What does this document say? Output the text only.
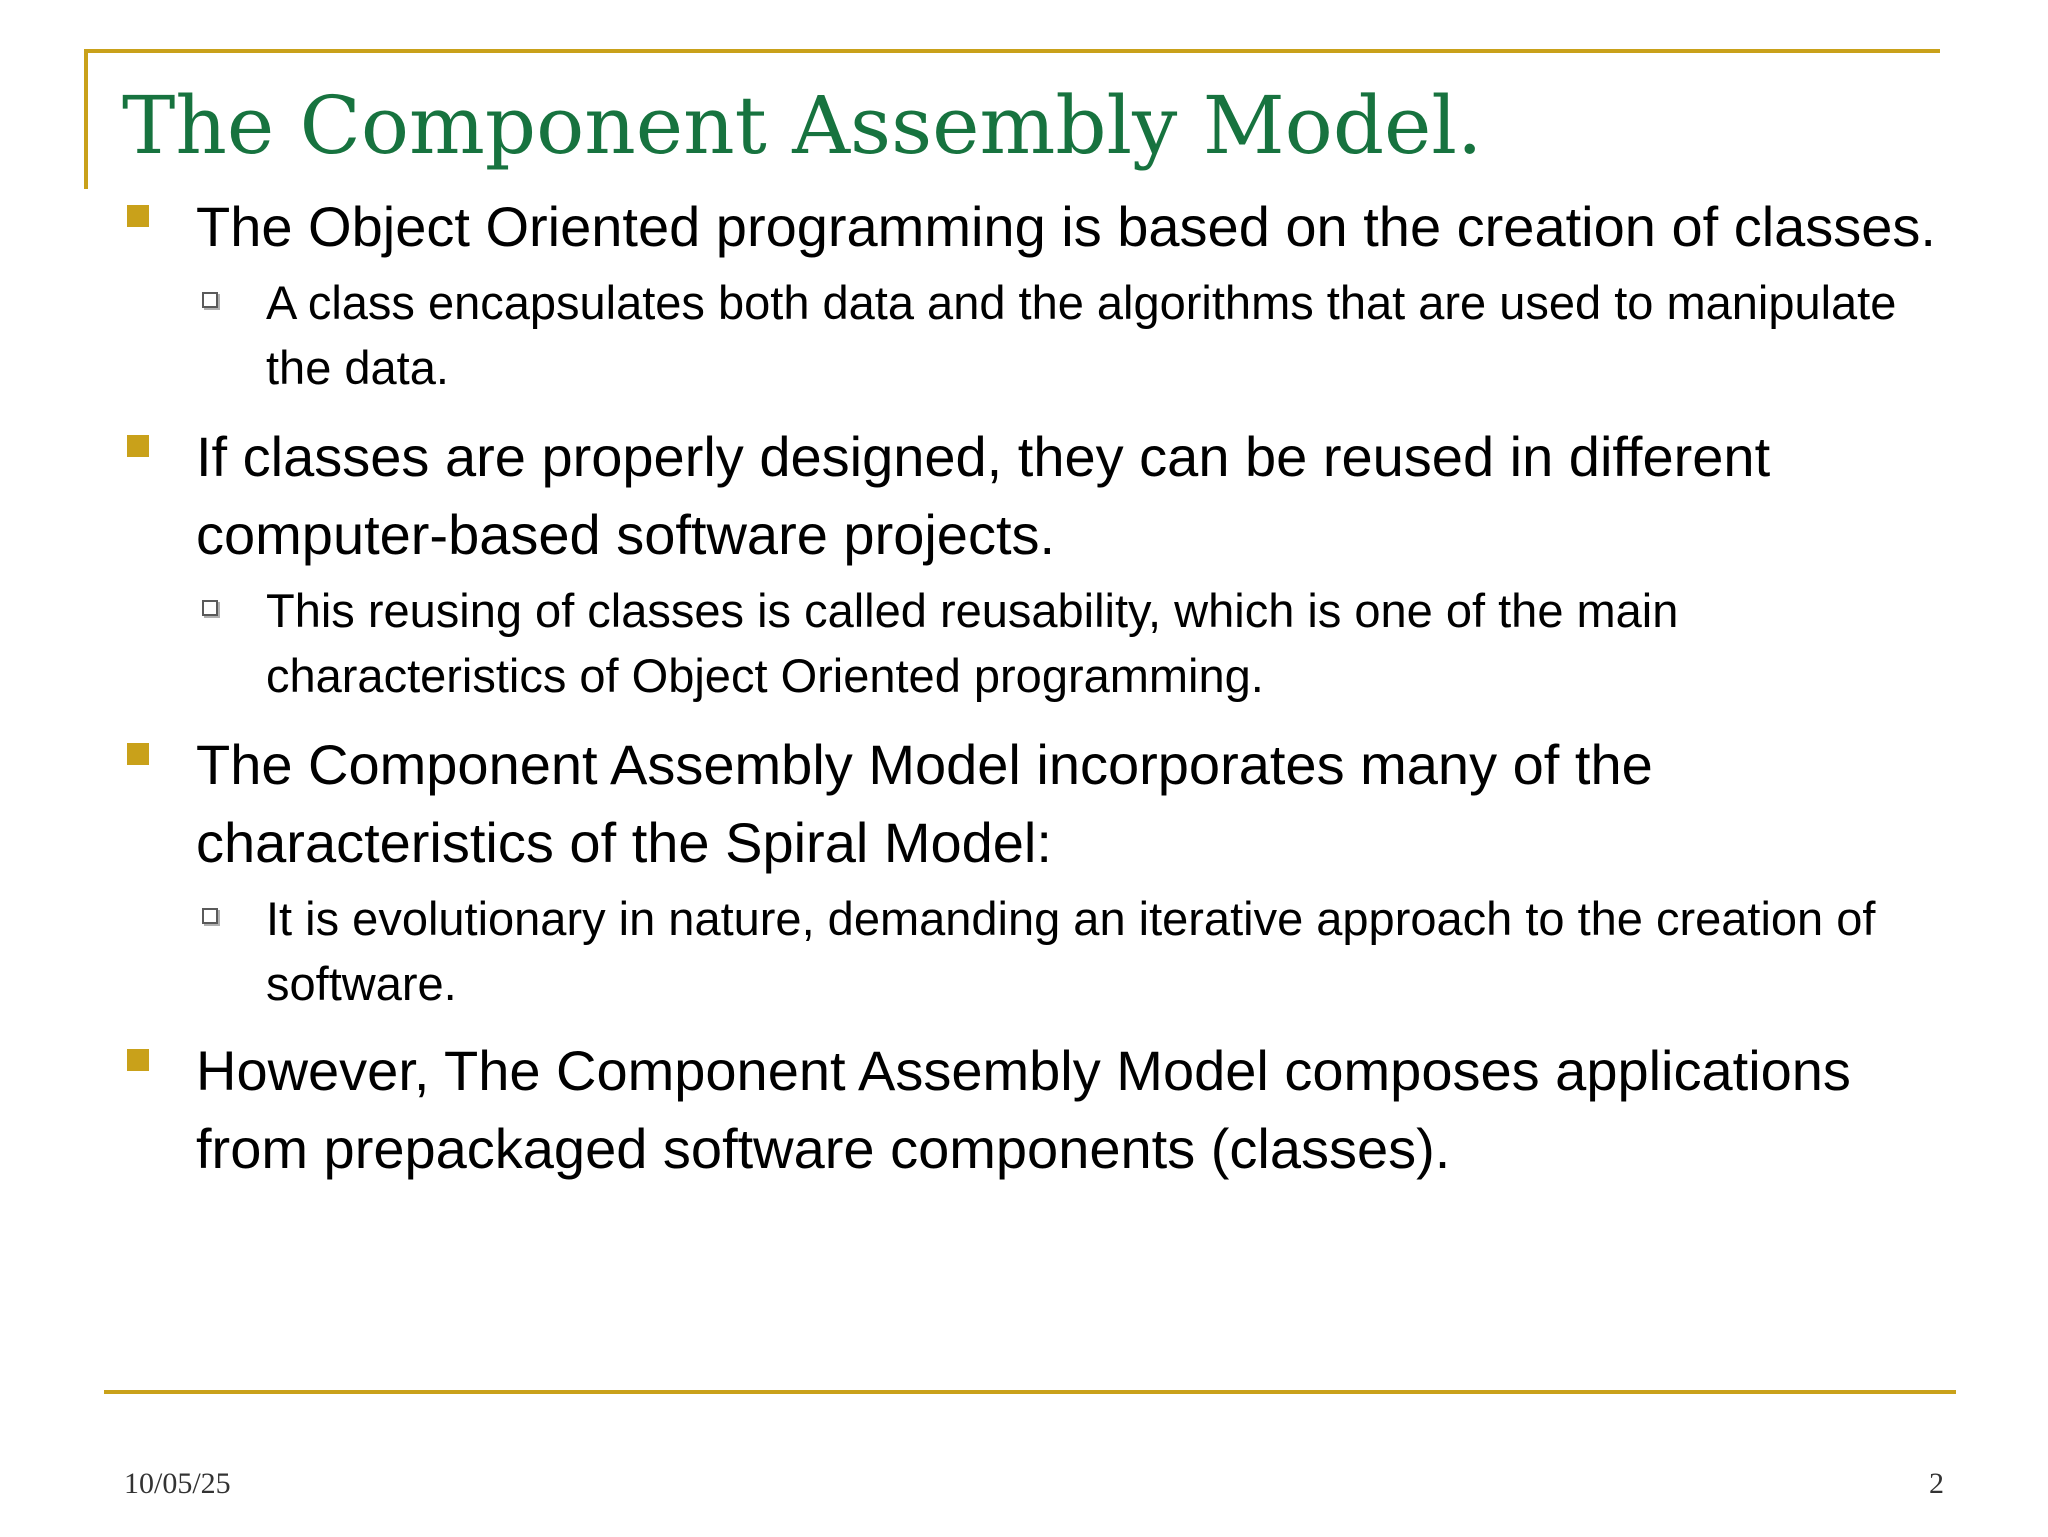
The Component Assembly Model.

The Object Oriented programming is based on the creation of classes.

A class encapsulates both data and the algorithms that are used to manipulate the data.

If classes are properly designed, they can be reused in different computer-based software projects.

This reusing of classes is called reusability, which is one of the main characteristics of Object Oriented programming.

The Component Assembly Model incorporates many of the characteristics of the Spiral Model:

It is evolutionary in nature, demanding an iterative approach to the creation of software.

However, The Component Assembly Model composes applications from prepackaged software components (classes).

10/05/25	2
